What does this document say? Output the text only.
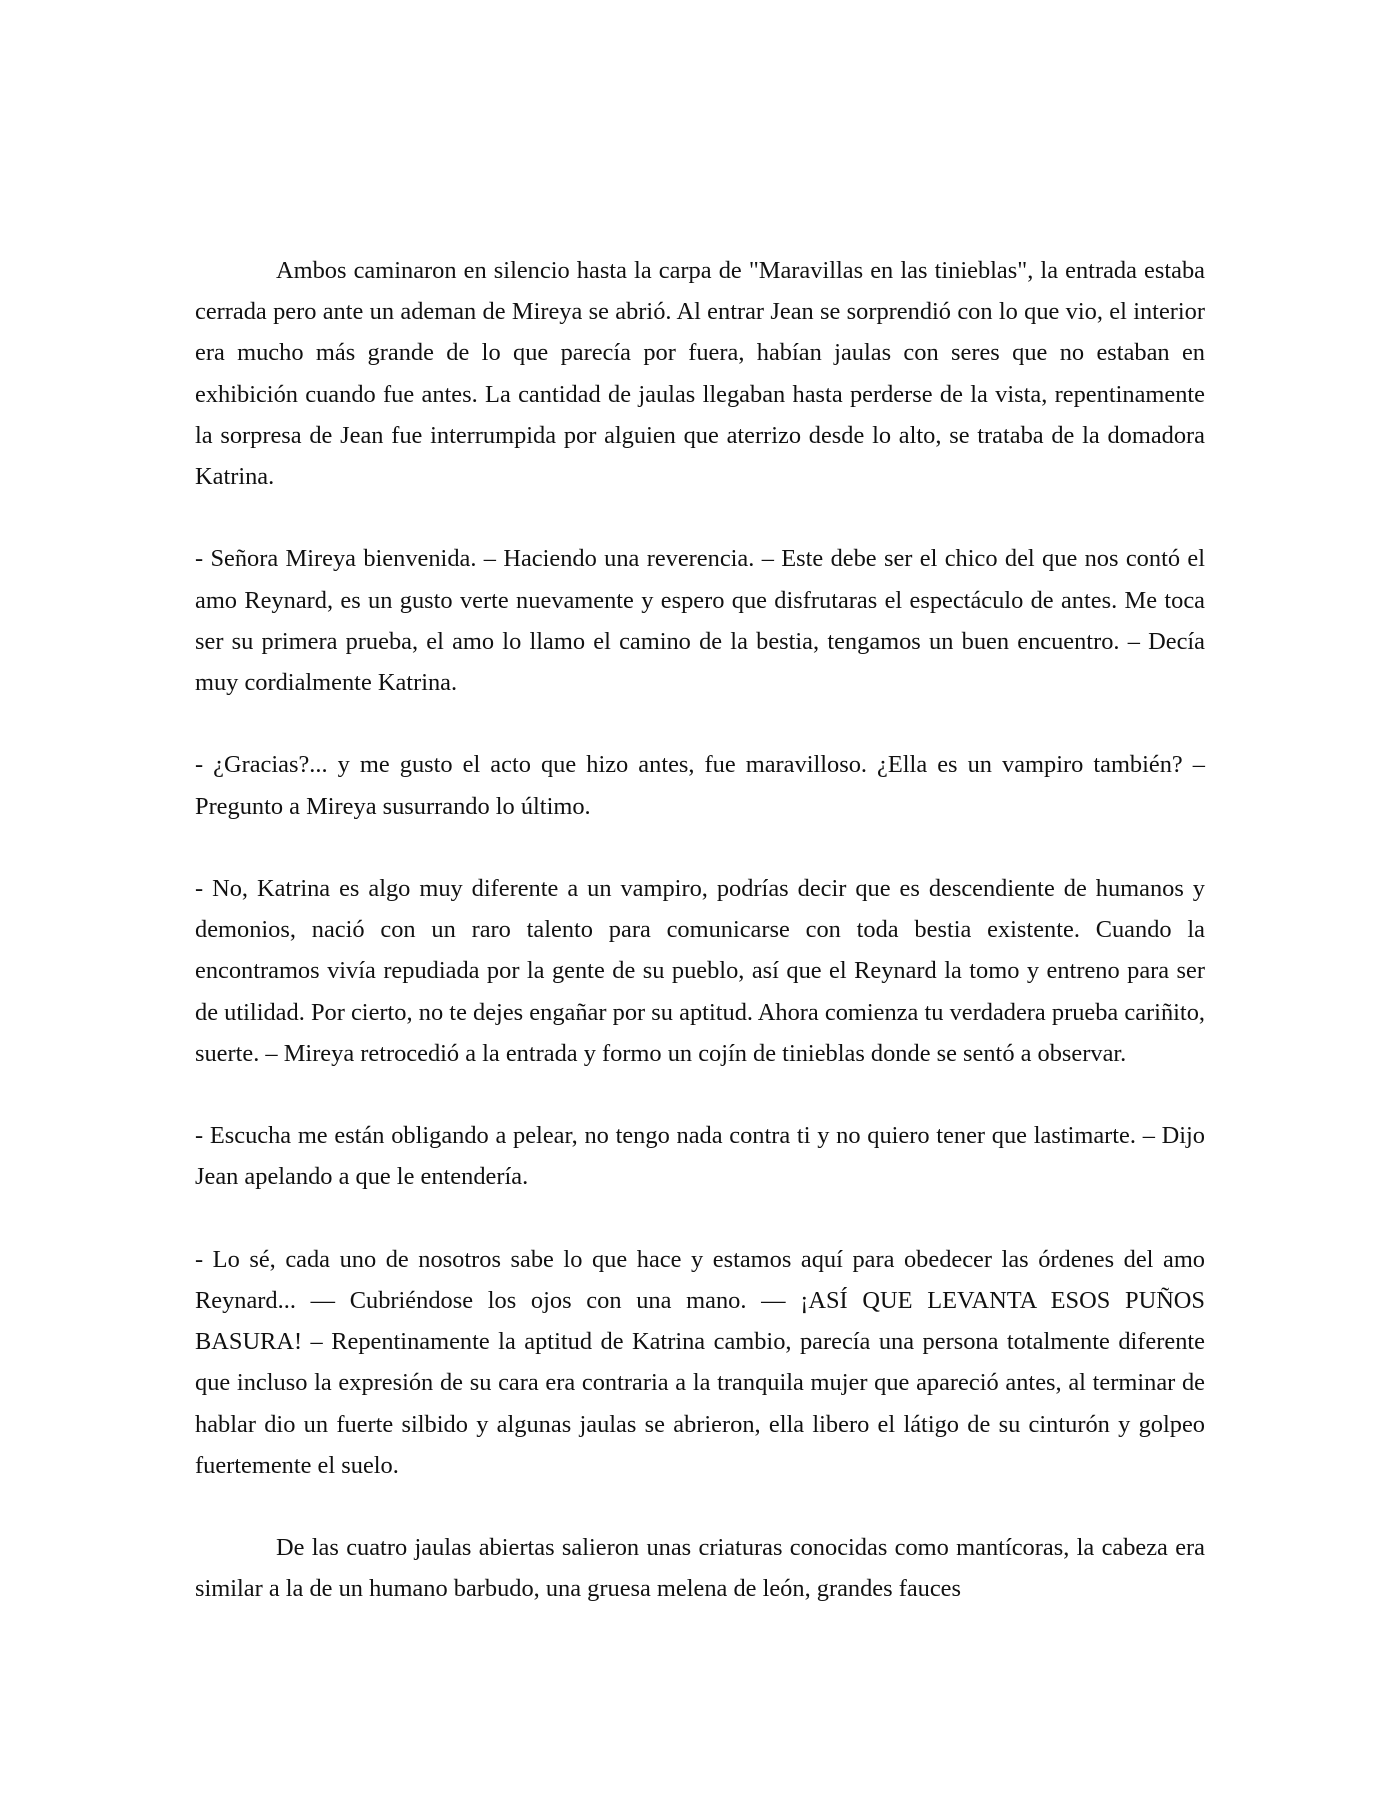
Ambos caminaron en silencio hasta la carpa de "Maravillas en las tinieblas", la entrada estaba cerrada pero ante un ademan de Mireya se abrió. Al entrar Jean se sorprendió con lo que vio, el interior era mucho más grande de lo que parecía por fuera, habían jaulas con seres que no estaban en exhibición cuando fue antes. La cantidad de jaulas llegaban hasta perderse de la vista, repentinamente la sorpresa de Jean fue interrumpida por alguien que aterrizo desde lo alto, se trataba de la domadora Katrina.

- Señora Mireya bienvenida. – Haciendo una reverencia. – Este debe ser el chico del que nos contó el amo Reynard, es un gusto verte nuevamente y espero que disfrutaras el espectáculo de antes. Me toca ser su primera prueba, el amo lo llamo el camino de la bestia, tengamos un buen encuentro. – Decía muy cordialmente Katrina.

- ¿Gracias?... y me gusto el acto que hizo antes, fue maravilloso. ¿Ella es un vampiro también? – Pregunto a Mireya susurrando lo último.

- No, Katrina es algo muy diferente a un vampiro, podrías decir que es descendiente de humanos y demonios, nació con un raro talento para comunicarse con toda bestia existente. Cuando la encontramos vivía repudiada por la gente de su pueblo, así que el Reynard la tomo y entreno para ser de utilidad. Por cierto, no te dejes engañar por su aptitud. Ahora comienza tu verdadera prueba cariñito, suerte. – Mireya retrocedió a la entrada y formo un cojín de tinieblas donde se sentó a observar.

- Escucha me están obligando a pelear, no tengo nada contra ti y no quiero tener que lastimarte. – Dijo Jean apelando a que le entendería.

- Lo sé, cada uno de nosotros sabe lo que hace y estamos aquí para obedecer las órdenes del amo Reynard... — Cubriéndose los ojos con una mano. — ¡ASÍ QUE LEVANTA ESOS PUÑOS BASURA! – Repentinamente la aptitud de Katrina cambio, parecía una persona totalmente diferente que incluso la expresión de su cara era contraria a la tranquila mujer que apareció antes, al terminar de hablar dio un fuerte silbido y algunas jaulas se abrieron, ella libero el látigo de su cinturón y golpeo fuertemente el suelo.

De las cuatro jaulas abiertas salieron unas criaturas conocidas como mantícoras, la cabeza era similar a la de un humano barbudo, una gruesa melena de león, grandes fauces
